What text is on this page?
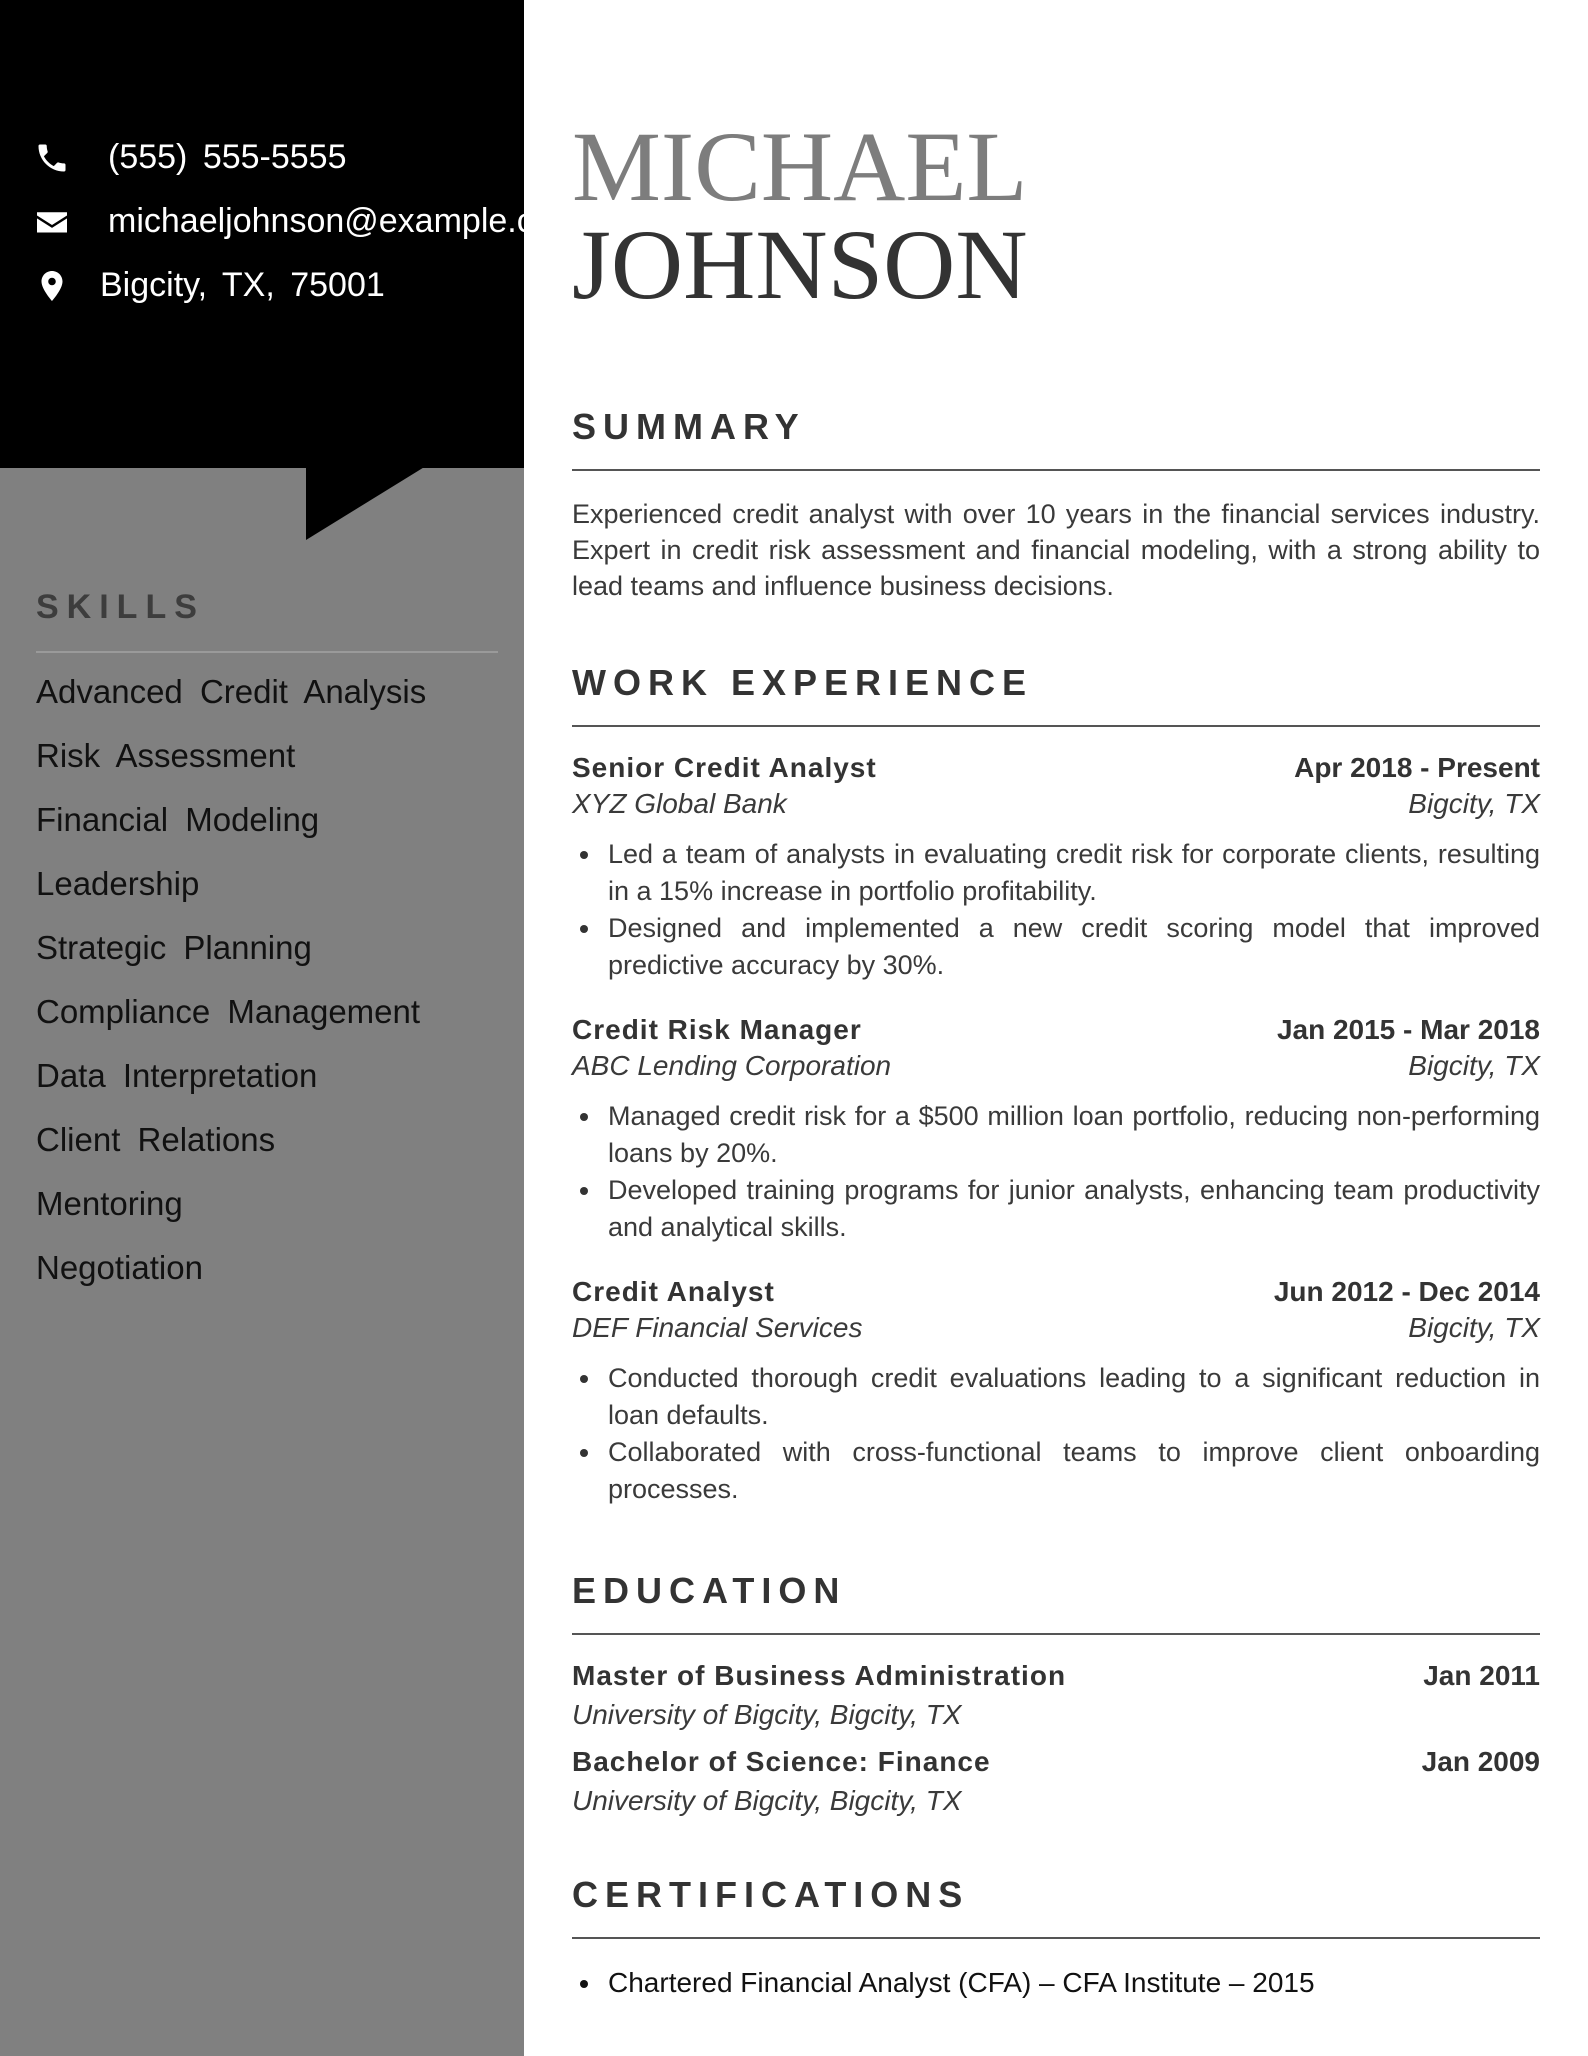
(555) 555-5555
michaeljohnson@example.com
Bigcity, TX, 75001
SKILLS
Advanced Credit Analysis
Risk Assessment
Financial Modeling
Leadership
Strategic Planning
Compliance Management
Data Interpretation
Client Relations
Mentoring
Negotiation
MICHAEL
JOHNSON
SUMMARY
Experienced credit analyst with over 10 years in the financial services industry. Expert in credit risk assessment and financial modeling, with a strong ability to lead teams and influence business decisions.
WORK EXPERIENCE
Senior Credit Analyst	Apr 2018 - Present
XYZ Global Bank	Bigcity, TX
Led a team of analysts in evaluating credit risk for corporate clients, resulting in a 15% increase in portfolio profitability.
Designed and implemented a new credit scoring model that improved predictive accuracy by 30%.
Credit Risk Manager	Jan 2015 - Mar 2018
ABC Lending Corporation	Bigcity, TX
Managed credit risk for a $500 million loan portfolio, reducing non-performing loans by 20%.
Developed training programs for junior analysts, enhancing team productivity and analytical skills.
Credit Analyst	Jun 2012 - Dec 2014
DEF Financial Services	Bigcity, TX
Conducted thorough credit evaluations leading to a significant reduction in loan defaults.
Collaborated with cross-functional teams to improve client onboarding processes.
EDUCATION
Master of Business Administration	Jan 2011
University of Bigcity, Bigcity, TX
Bachelor of Science: Finance	Jan 2009
University of Bigcity, Bigcity, TX
CERTIFICATIONS
Chartered Financial Analyst (CFA) – CFA Institute – 2015
